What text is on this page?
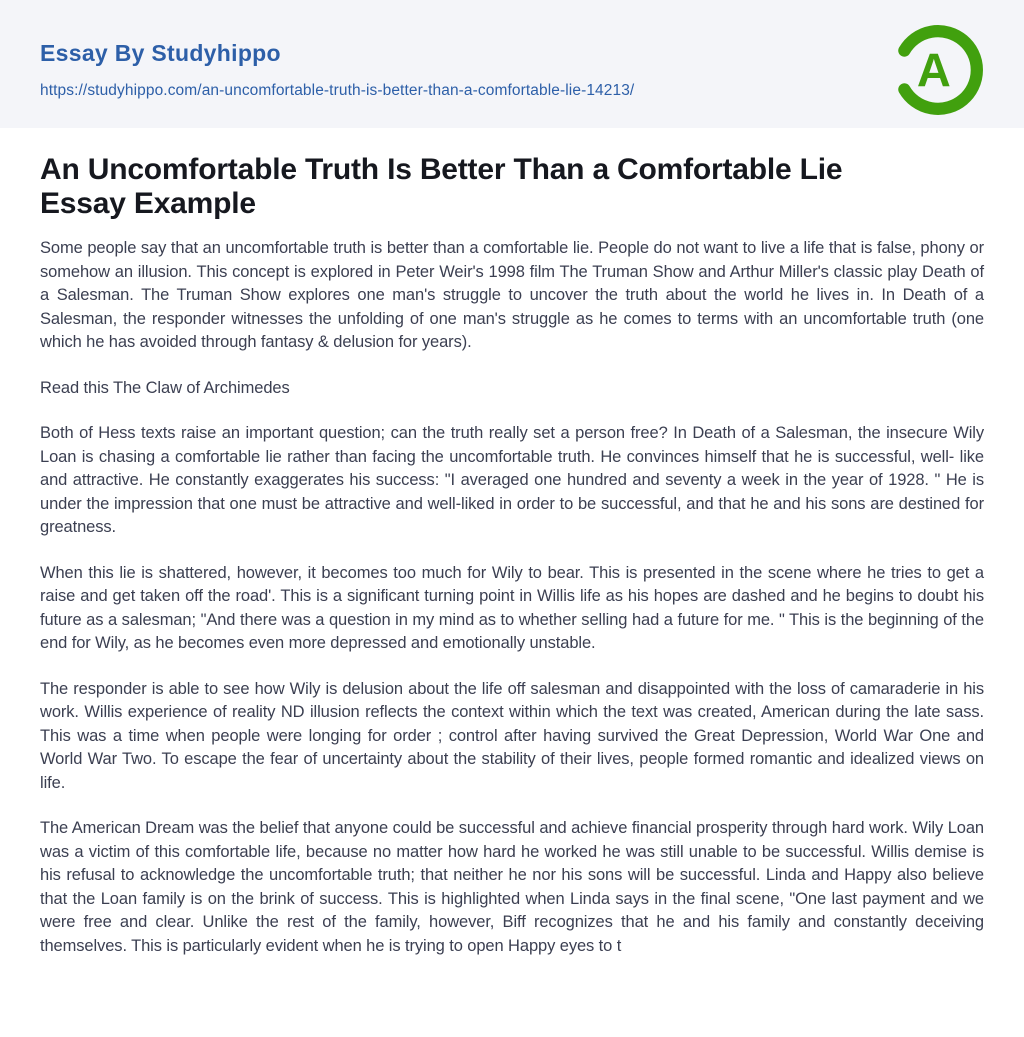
Essay By Studyhippo
https://studyhippo.com/an-uncomfortable-truth-is-better-than-a-comfortable-lie-14213/	A
An Uncomfortable Truth Is Better Than a Comfortable Lie Essay Example

Some people say that an uncomfortable truth is better than a comfortable lie. People do not want to live a life that is false, phony or somehow an illusion. This concept is explored in Peter Weir's 1998 film The Truman Show and Arthur Miller's classic play Death of a Salesman. The Truman Show explores one man's struggle to uncover the truth about the world he lives in. In Death of a Salesman, the responder witnesses the unfolding of one man's struggle as he comes to terms with an uncomfortable truth (one which he has avoided through fantasy & delusion for years).

Read this The Claw of Archimedes

Both of Hess texts raise an important question; can the truth really set a person free? In Death of a Salesman, the insecure Wily Loan is chasing a comfortable lie rather than facing the uncomfortable truth. He convinces himself that he is successful, well- like and attractive. He constantly exaggerates his success: "I averaged one hundred and seventy a week in the year of 1928. " He is under the impression that one must be attractive and well-liked in order to be successful, and that he and his sons are destined for greatness.

When this lie is shattered, however, it becomes too much for Wily to bear. This is presented in the scene where he tries to get a raise and get taken off the road'. This is a significant turning point in Willis life as his hopes are dashed and he begins to doubt his future as a salesman; "And there was a question in my mind as to whether selling had a future for me. " This is the beginning of the end for Wily, as he becomes even more depressed and emotionally unstable.

The responder is able to see how Wily is delusion about the life off salesman and disappointed with the loss of camaraderie in his work. Willis experience of reality ND illusion reflects the context within which the text was created, American during the late sass. This was a time when people were longing for order ; control after having survived the Great Depression, World War One and World War Two. To escape the fear of uncertainty about the stability of their lives, people formed romantic and idealized views on life.

The American Dream was the belief that anyone could be successful and achieve financial prosperity through hard work. Wily Loan was a victim of this comfortable life, because no matter how hard he worked he was still unable to be successful. Willis demise is his refusal to acknowledge the uncomfortable truth; that neither he nor his sons will be successful. Linda and Happy also believe that the Loan family is on the brink of success. This is highlighted when Linda says in the final scene, "One last payment and we were free and clear. Unlike the rest of the family, however, Biff recognizes that he and his family and constantly deceiving themselves. This is particularly evident when he is trying to open Happy eyes to t
